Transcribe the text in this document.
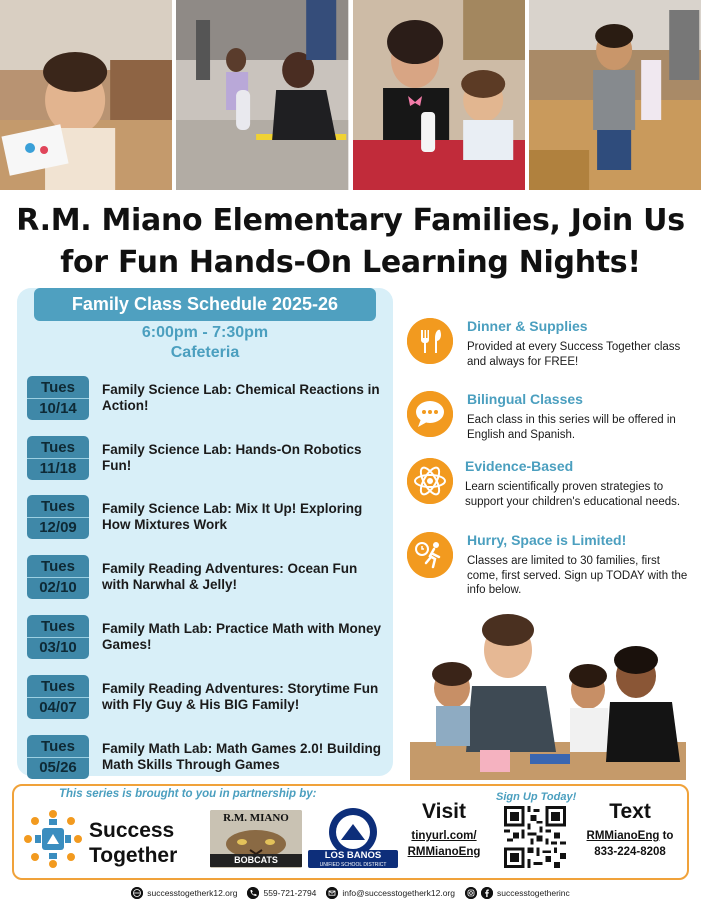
R.M. Miano Elementary Families, Join Us
for Fun Hands-On Learning Nights!
Family Class Schedule 2025-26
6:00pm - 7:30pm
Cafeteria
Tues
10/14
Family Science Lab: Chemical Reactions in Action!
Tues
11/18
Family Science Lab: Hands-On Robotics Fun!
Tues
12/09
Family Science Lab: Mix It Up! Exploring How Mixtures Work
Tues
02/10
Family Reading Adventures: Ocean Fun with Narwhal & Jelly!
Tues
03/10
Family Math Lab: Practice Math with Money Games!
Tues
04/07
Family Reading Adventures: Storytime Fun with Fly Guy & His BIG Family!
Tues
05/26
Family Math Lab: Math Games 2.0! Building Math Skills Through Games
Dinner & Supplies
Provided at every Success Together class and always for FREE!
Bilingual Classes
Each class in this series will be offered in English and Spanish.
Evidence-Based
Learn scientifically proven strategies to support your children's educational needs.
Hurry, Space is Limited!
Classes are limited to 30 families, first come, first served. Sign up TODAY with the info below.
This series is brought to you in partnership by:	Sign Up Today!
Success
Together
R.M. MIANO
BOBCATS	LOS BANOS
UNIFIED SCHOOL DISTRICT
Visit
tinyurl.com/
RMMianoEng
Text
RMMianoEng to
833-224-8208
successtogetherk12.org	559-721-2794	info@successtogetherk12.org	successtogetherinc
